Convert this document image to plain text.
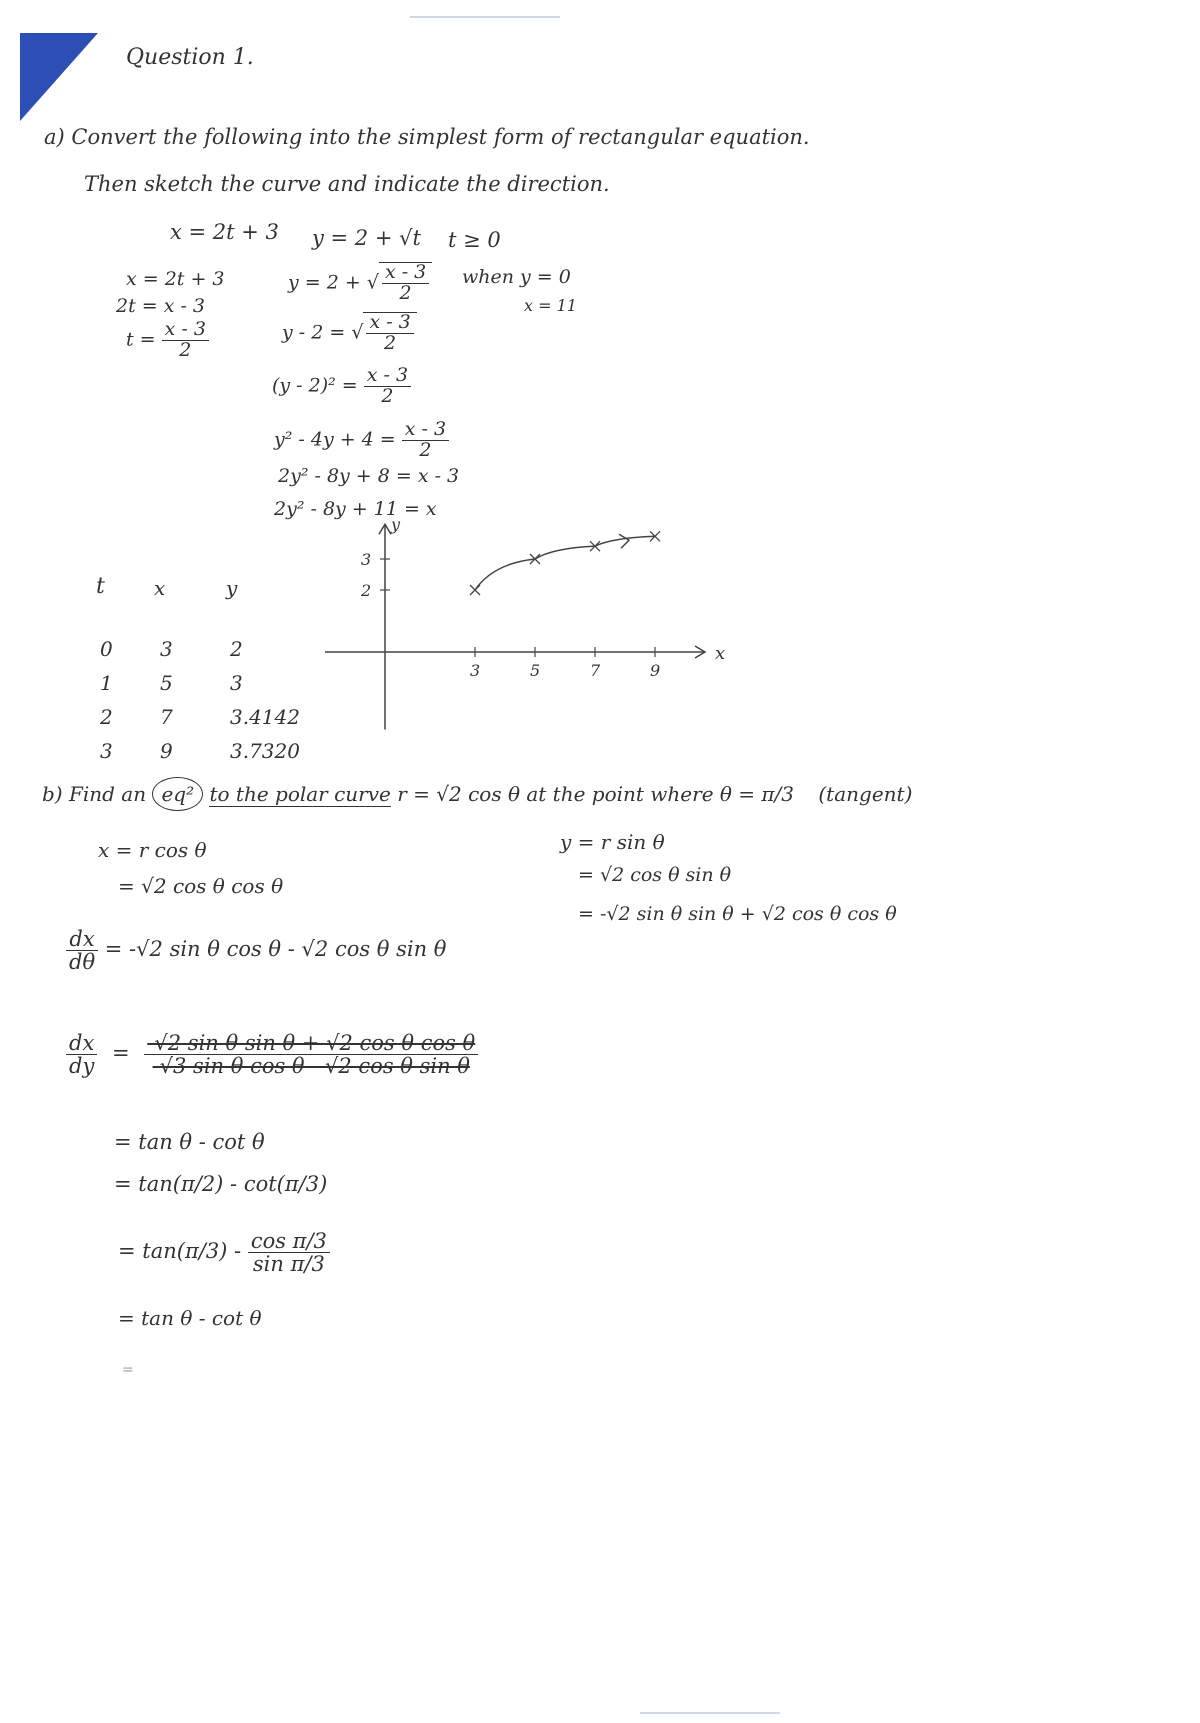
Question 1.
a) Convert the following into the simplest form of rectangular equation.
Then sketch the curve and indicate the direction.
x = 2t + 3 y = 2 + √t t ≥ 0
x = 2t + 3
2t = x - 3
$t = \frac{x - 3}{2}$
y = 2 + √ $\frac{x - 3}{2}$
y - 2 = √ $\frac{x - 3}{2}$
$(y - 2)^2 = \frac{x - 3}{2}$
$y^2 - 4y + 4 = \frac{x - 3}{2}$
2y² - 8y + 8 = x - 3
2y² - 8y + 11 = x
when y = 0
x = 11
t x	y
0	3	2
1	5	3
2	7	3.4142
3	9	3.7320
x
y
3	5	7	9
2
3
b) Find an eq² to the polar curve r = √2 cos θ at the point where θ = π/3 (tangent)
x = r cos θ
= √2 cos θ cos θ
y = r sin θ
= √2 cos θ sin θ
= -√2 sin θ sin θ + √2 cos θ cos θ
$\frac{dx}{d\theta} = -√2$ sin θ cos θ - √2 cos θ sin θ
$\frac{dx}{dy} = \frac{\text{-√2 sin θ sin θ + √2 cos θ cos θ}}{\text{-√3 sin θ cos θ - √2 cos θ sin θ}}$
= tan θ - cot θ
= tan(π/2) - cot(π/3)
= $\tan(\pi/3) - \frac{\text{cos π/3}}{\text{sin π/3}}$
= tan θ - cot θ
=
